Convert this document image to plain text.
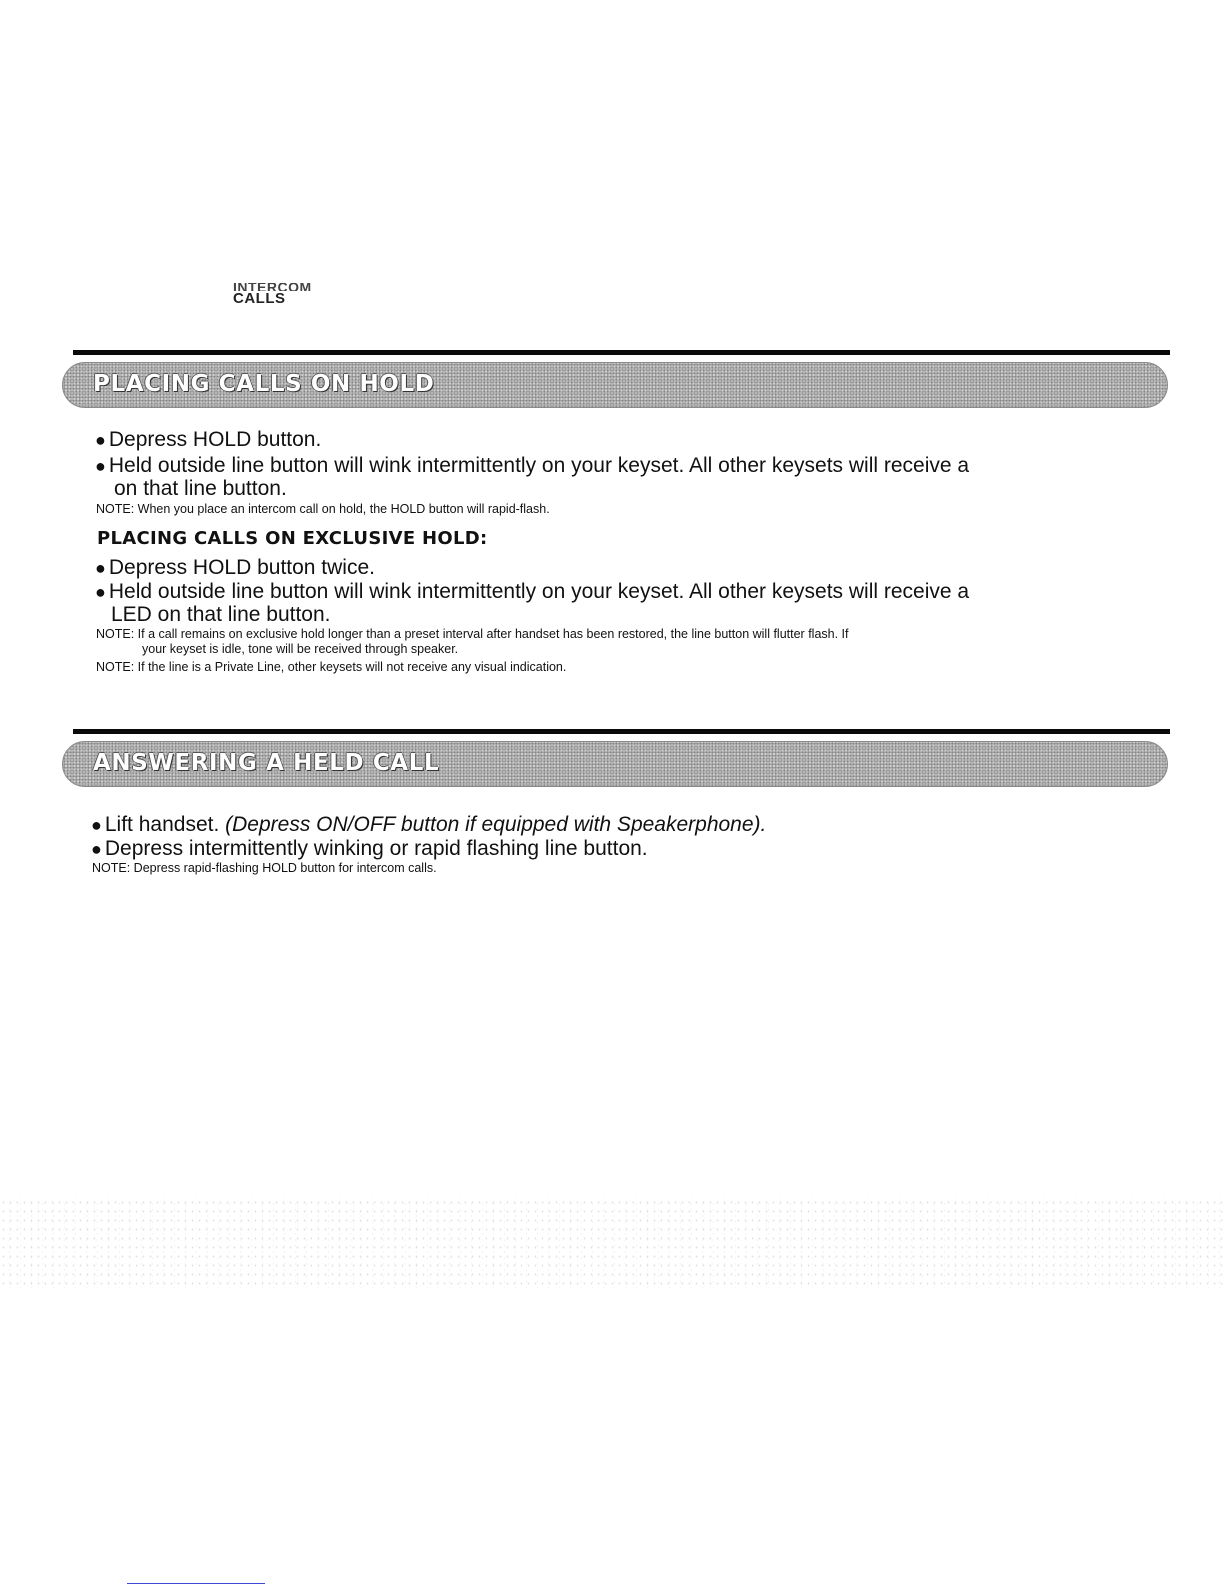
INTERCOM
CALLS
PLACING CALLS ON HOLD
● Depress HOLD button.
● Held outside line button will wink intermittently on your keyset. All other keysets will receive a
on that line button.
NOTE: When you place an intercom call on hold, the HOLD button will rapid-flash.
PLACING CALLS ON EXCLUSIVE HOLD:
● Depress HOLD button twice.
● Held outside line button will wink intermittently on your keyset. All other keysets will receive a
LED on that line button.
NOTE: If a call remains on exclusive hold longer than a preset interval after handset has been restored, the line button will flutter flash. If
your keyset is idle, tone will be received through speaker.
NOTE: If the line is a Private Line, other keysets will not receive any visual indication.
ANSWERING A HELD CALL
● Lift handset. (Depress ON/OFF button if equipped with Speakerphone).
● Depress intermittently winking or rapid flashing line button.
NOTE: Depress rapid-flashing HOLD button for intercom calls.
